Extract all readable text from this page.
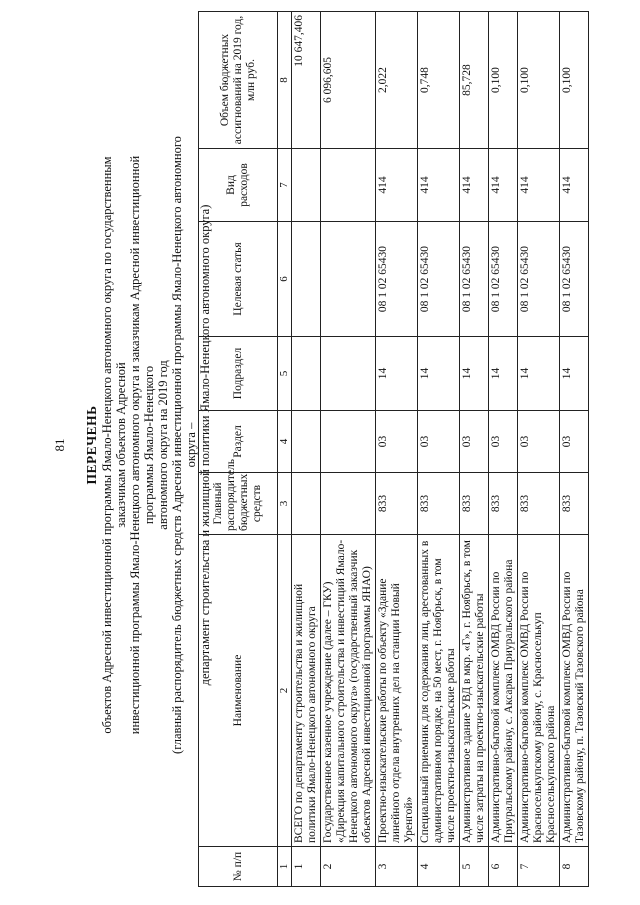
81 ПЕРЕЧЕНЬ объектов Адресной инвестиционной программы Ямало-Ненецкого автономного округа по государственным заказчикам объектов Адресной инвестиционной программы Ямало-Ненецкого автономного округа и заказчикам Адресной инвестиционной программы Ямало-Ненецкого автономного округа на 2019 год (главный распорядитель бюджетных средств Адресной инвестиционной программы Ямало-Ненецкого автономного округа – департамент строительства и жилищной политики Ямало-Ненецкого автономного округа)
№ п/п	Наименование	Главный распорядитель бюджетных средств	Раздел	Подраздел	Целевая статья	Вид расходов	Объем бюджетных ассигнований на 2019 год, млн руб.
1	2	3	4	5	6	7	8
1	ВСЕГО по департаменту строительства и жилищной политики Ямало-Ненецкого автономного округа						10 647,406
2	Государственное казенное учреждение (далее – ГКУ) «Дирекция капитального строительства и инвестиций Ямало-Ненецкого автономного округа» (государственный заказчик объектов Адресной инвестиционной программы ЯНАО)						6 096,605
3	Проектно-изыскательские работы по объекту «Здание линейного отдела внутренних дел на станции Новый Уренгой»	833	03	14	08 1 02 65430	414	2,022
4	Специальный приемник для содержания лиц, арестованных в административном порядке, на 50 мест, г. Ноябрьск, в том числе проектно-изыскательские работы	833	03	14	08 1 02 65430	414	0,748
5	Административное здание УВД в мкр. «Г», г. Ноябрьск, в том числе затраты на проектно-изыскательские работы	833	03	14	08 1 02 65430	414	85,728
6	Административно-бытовой комплекс ОМВД России по Приуральскому району, с. Аксарка Приуральского района	833	03	14	08 1 02 65430	414	0,100
7	Административно-бытовой комплекс ОМВД России по Красноселькупскому району, с. Красноселькуп Красноселькупского района	833	03	14	08 1 02 65430	414	0,100
8	Административно-бытовой комплекс ОМВД России по Тазовскому району, п. Тазовский Тазовского района	833	03	14	08 1 02 65430	414	0,100
